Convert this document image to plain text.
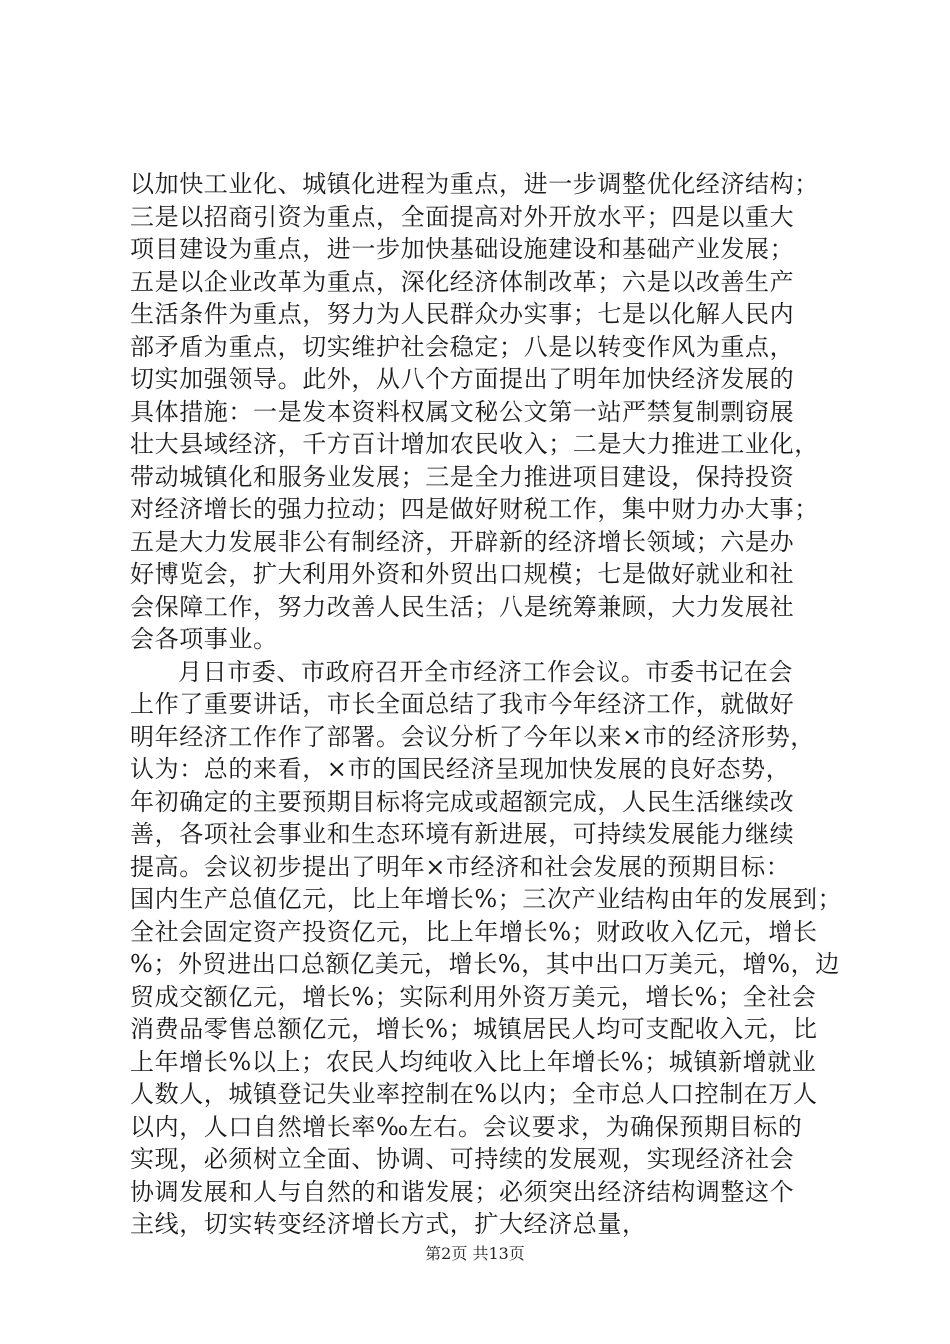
以加快工业化、城镇化进程为重点，进一步调整优化经济结构；
三是以招商引资为重点，全面提高对外开放水平；四是以重大
项目建设为重点，进一步加快基础设施建设和基础产业发展；
五是以企业改革为重点，深化经济体制改革；六是以改善生产
生活条件为重点，努力为人民群众办实事；七是以化解人民内
部矛盾为重点，切实维护社会稳定；八是以转变作风为重点，
切实加强领导。此外，从八个方面提出了明年加快经济发展的
具体措施：一是发本资料权属文秘公文第一站严禁复制剽窃展
壮大县域经济，千方百计增加农民收入；二是大力推进工业化，
带动城镇化和服务业发展；三是全力推进项目建设，保持投资
对经济增长的强力拉动；四是做好财税工作，集中财力办大事；
五是大力发展非公有制经济，开辟新的经济增长领域；六是办
好博览会，扩大利用外资和外贸出口规模；七是做好就业和社
会保障工作，努力改善人民生活；八是统筹兼顾，大力发展社
会各项事业。
月日市委、市政府召开全市经济工作会议。市委书记在会
上作了重要讲话，市长全面总结了我市今年经济工作，就做好
明年经济工作作了部署。会议分析了今年以来×市的经济形势，
认为：总的来看，×市的国民经济呈现加快发展的良好态势，
年初确定的主要预期目标将完成或超额完成，人民生活继续改
善，各项社会事业和生态环境有新进展，可持续发展能力继续
提高。会议初步提出了明年×市经济和社会发展的预期目标：
国内生产总值亿元，比上年增长%；三次产业结构由年的发展到；
全社会固定资产投资亿元，比上年增长%；财政收入亿元，增长
%；外贸进出口总额亿美元，增长%，其中出口万美元，增%，边
贸成交额亿元，增长%；实际利用外资万美元，增长%；全社会
消费品零售总额亿元，增长%；城镇居民人均可支配收入元，比
上年增长%以上；农民人均纯收入比上年增长%；城镇新增就业
人数人，城镇登记失业率控制在%以内；全市总人口控制在万人
以内，人口自然增长率‰左右。会议要求，为确保预期目标的
实现，必须树立全面、协调、可持续的发展观，实现经济社会
协调发展和人与自然的和谐发展；必须突出经济结构调整这个
主线，切实转变经济增长方式，扩大经济总量，
第2页 共13页
